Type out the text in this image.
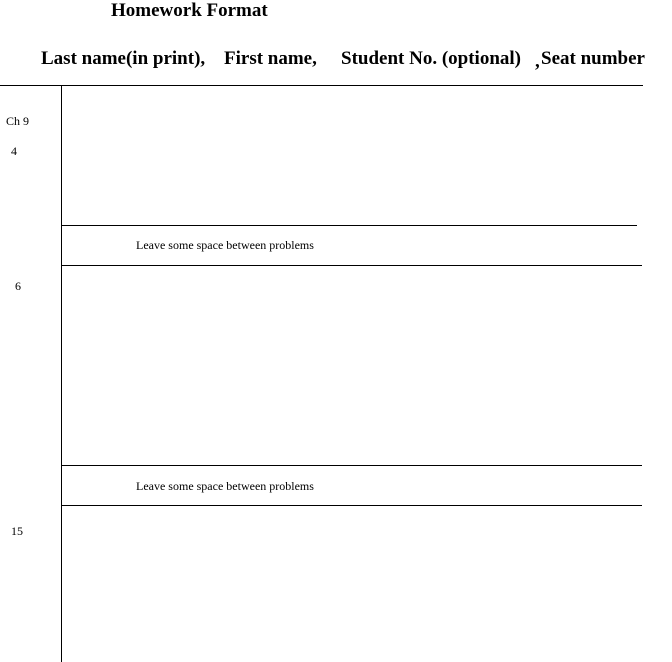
Homework Format
Last name(in print), First name, Student No. (optional) , Seat number
Ch 9
4
6
15
Leave some space between problems
Leave some space between problems
